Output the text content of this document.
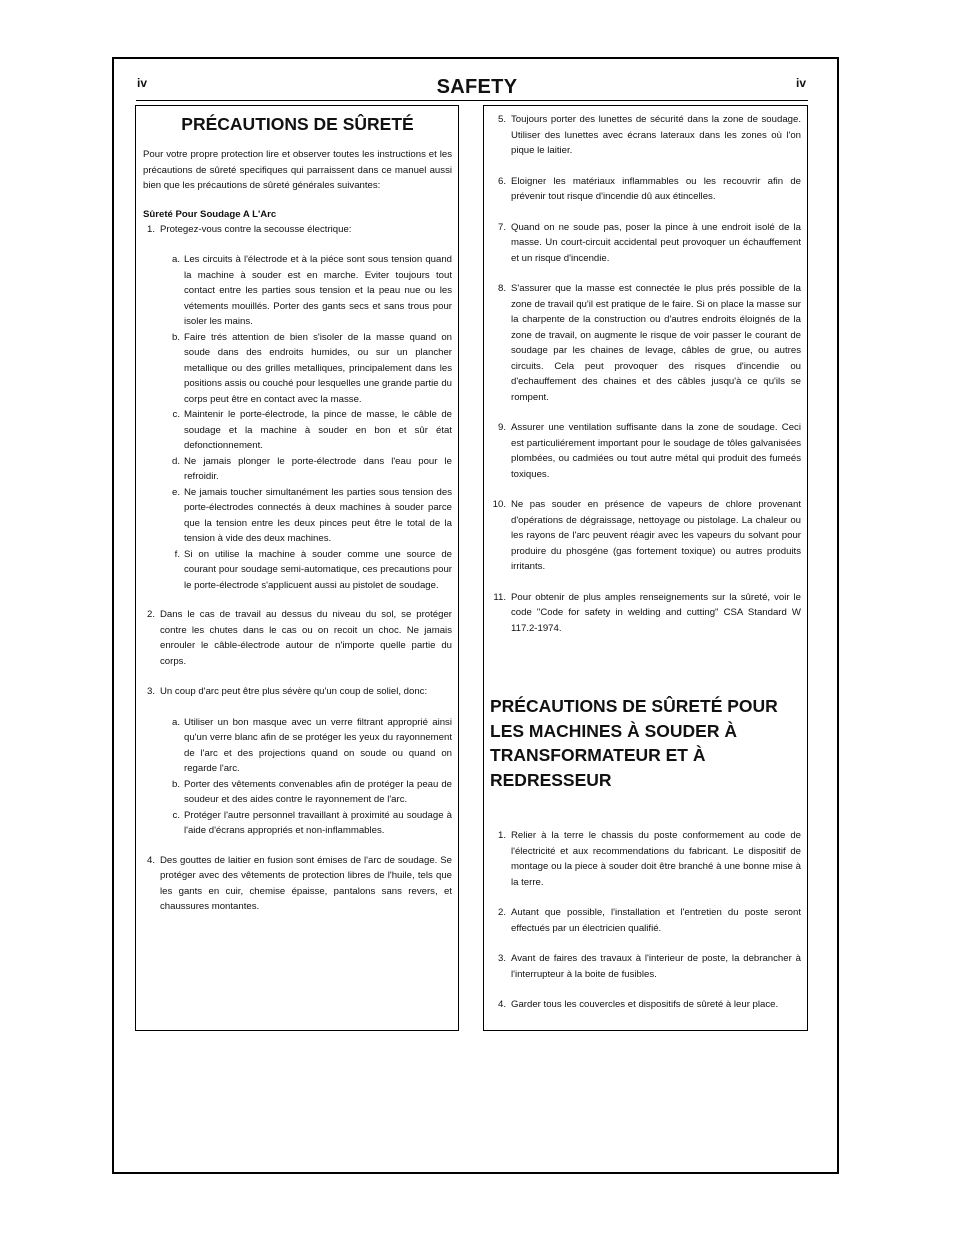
iv	iv
SAFETY
PRÉCAUTIONS DE SÛRETÉ

Pour votre propre protection lire et observer toutes les instructions et les précautions de sûreté specifiques qui parraissent dans ce manuel aussi bien que les précautions de sûreté générales suivantes:

Sûreté Pour Soudage A L'Arc
1. Protegez-vous contre la secousse électrique:
a. Les circuits à l'électrode et à la piéce sont sous tension quand la machine à souder est en marche. Eviter toujours tout contact entre les parties sous tension et la peau nue ou les vétements mouillés. Porter des gants secs et sans trous pour isoler les mains.
b. Faire trés attention de bien s'isoler de la masse quand on soude dans des endroits humides, ou sur un plancher metallique ou des grilles metalliques, principalement dans les positions assis ou couché pour lesquelles une grande partie du corps peut être en contact avec la masse.
c. Maintenir le porte-électrode, la pince de masse, le câble de soudage et la machine à souder en bon et sûr état defonctionnement.
d. Ne jamais plonger le porte-électrode dans l'eau pour le refroidir.
e. Ne jamais toucher simultanément les parties sous tension des porte-électrodes connectés à deux machines à souder parce que la tension entre les deux pinces peut être le total de la tension à vide des deux machines.
f. Si on utilise la machine à souder comme une source de courant pour soudage semi-automatique, ces precautions pour le porte-électrode s'applicuent aussi au pistolet de soudage.
2. Dans le cas de travail au dessus du niveau du sol, se protéger contre les chutes dans le cas ou on recoit un choc. Ne jamais enrouler le câble-électrode autour de n'importe quelle partie du corps.
3. Un coup d'arc peut être plus sévère qu'un coup de soliel, donc:
a. Utiliser un bon masque avec un verre filtrant approprié ainsi qu'un verre blanc afin de se protéger les yeux du rayonnement de l'arc et des projections quand on soude ou quand on regarde l'arc.
b. Porter des vêtements convenables afin de protéger la peau de soudeur et des aides contre le rayonnement de l'arc.
c. Protéger l'autre personnel travaillant à proximité au soudage à l'aide d'écrans appropriés et non-inflammables.
4. Des gouttes de laitier en fusion sont émises de l'arc de soudage. Se protéger avec des vêtements de protection libres de l'huile, tels que les gants en cuir, chemise épaisse, pantalons sans revers, et chaussures montantes.
5. Toujours porter des lunettes de sécurité dans la zone de soudage. Utiliser des lunettes avec écrans lateraux dans les zones où l'on pique le laitier.
6. Eloigner les matériaux inflammables ou les recouvrir afin de prévenir tout risque d'incendie dû aux étincelles.
7. Quand on ne soude pas, poser la pince à une endroit isolé de la masse. Un court-circuit accidental peut provoquer un échauffement et un risque d'incendie.
8. S'assurer que la masse est connectée le plus prés possible de la zone de travail qu'il est pratique de le faire. Si on place la masse sur la charpente de la construction ou d'autres endroits éloignés de la zone de travail, on augmente le risque de voir passer le courant de soudage par les chaines de levage, câbles de grue, ou autres circuits. Cela peut provoquer des risques d'incendie ou d'echauffement des chaines et des câbles jusqu'à ce qu'ils se rompent.
9. Assurer une ventilation suffisante dans la zone de soudage. Ceci est particuliérement important pour le soudage de tôles galvanisées plombées, ou cadmiées ou tout autre métal qui produit des fumeés toxiques.
10. Ne pas souder en présence de vapeurs de chlore provenant d'opérations de dégraissage, nettoyage ou pistolage. La chaleur ou les rayons de l'arc peuvent réagir avec les vapeurs du solvant pour produire du phosgéne (gas fortement toxique) ou autres produits irritants.
11. Pour obtenir de plus amples renseignements sur la sûreté, voir le code "Code for safety in welding and cutting" CSA Standard W 117.2-1974.
PRÉCAUTIONS DE SÛRETÉ POUR LES MACHINES À SOUDER À TRANSFORMATEUR ET À REDRESSEUR
1. Relier à la terre le chassis du poste conformement au code de l'électricité et aux recommendations du fabricant. Le dispositif de montage ou la piece à souder doit être branché à une bonne mise à la terre.
2. Autant que possible, l'installation et l'entretien du poste seront effectués par un électricien qualifié.
3. Avant de faires des travaux à l'interieur de poste, la debrancher à l'interrupteur à la boite de fusibles.
4. Garder tous les couvercles et dispositifs de sûreté à leur place.
